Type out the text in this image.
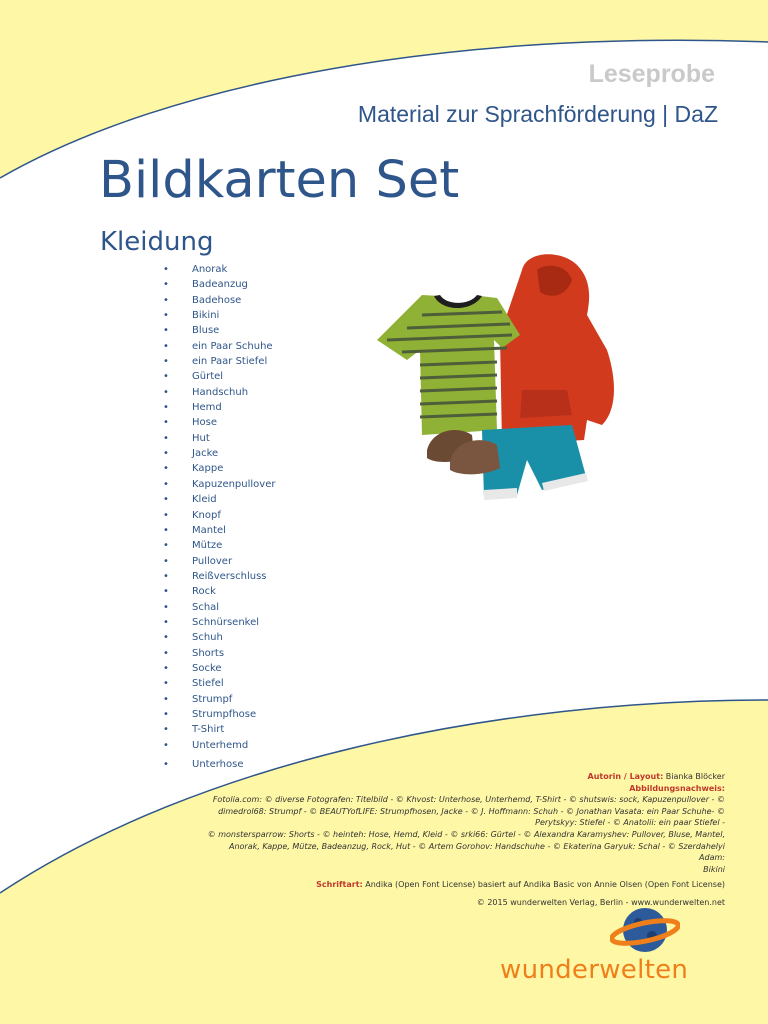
Leseprobe
Material zur Sprachförderung | DaZ
Bildkarten Set
Kleidung
• Anorak
• Badeanzug
• Badehose
• Bikini
• Bluse
• ein Paar Schuhe
• ein Paar Stiefel
• Gürtel
• Handschuh
• Hemd
• Hose
• Hut
• Jacke
• Kappe
• Kapuzenpullover
• Kleid
• Knopf
• Mantel
• Mütze
• Pullover
• Reißverschluss
• Rock
• Schal
• Schnürsenkel
• Schuh
• Shorts
• Socke
• Stiefel
• Strumpf
• Strumpfhose
• T-Shirt
• Unterhemd
• Unterhose

Autorin / Layout: Bianka Blöcker

Abbildungsnachweis:

Fotolia.com: © diverse Fotografen: Titelbild - © Khvost: Unterhose, Unterhemd, T-Shirt - © shutswis: sock, Kapuzenpullover - ©

dimedrol68: Strumpf - © BEAUTYofLIFE: Strumpfhosen, Jacke - © J. Hoffmann: Schuh - © Jonathan Vasata: ein Paar Schuhe- ©

Perytskyy: Stiefel - © Anatolii: ein paar Stiefel -

© monstersparrow: Shorts - © heinteh: Hose, Hemd, Kleid - © srki66: Gürtel - © Alexandra Karamyshev: Pullover, Bluse, Mantel,

Anorak, Kappe, Mütze, Badeanzug, Rock, Hut - © Artem Gorohov: Handschuhe - © Ekaterina Garyuk: Schal - © Szerdahelyi Adam:

Bikini

Schriftart: Andika (Open Font License) basiert auf Andika Basic von Annie Olsen (Open Font License)

© 2015 wunderwelten Verlag, Berlin - www.wunderwelten.net

wunderwelten
